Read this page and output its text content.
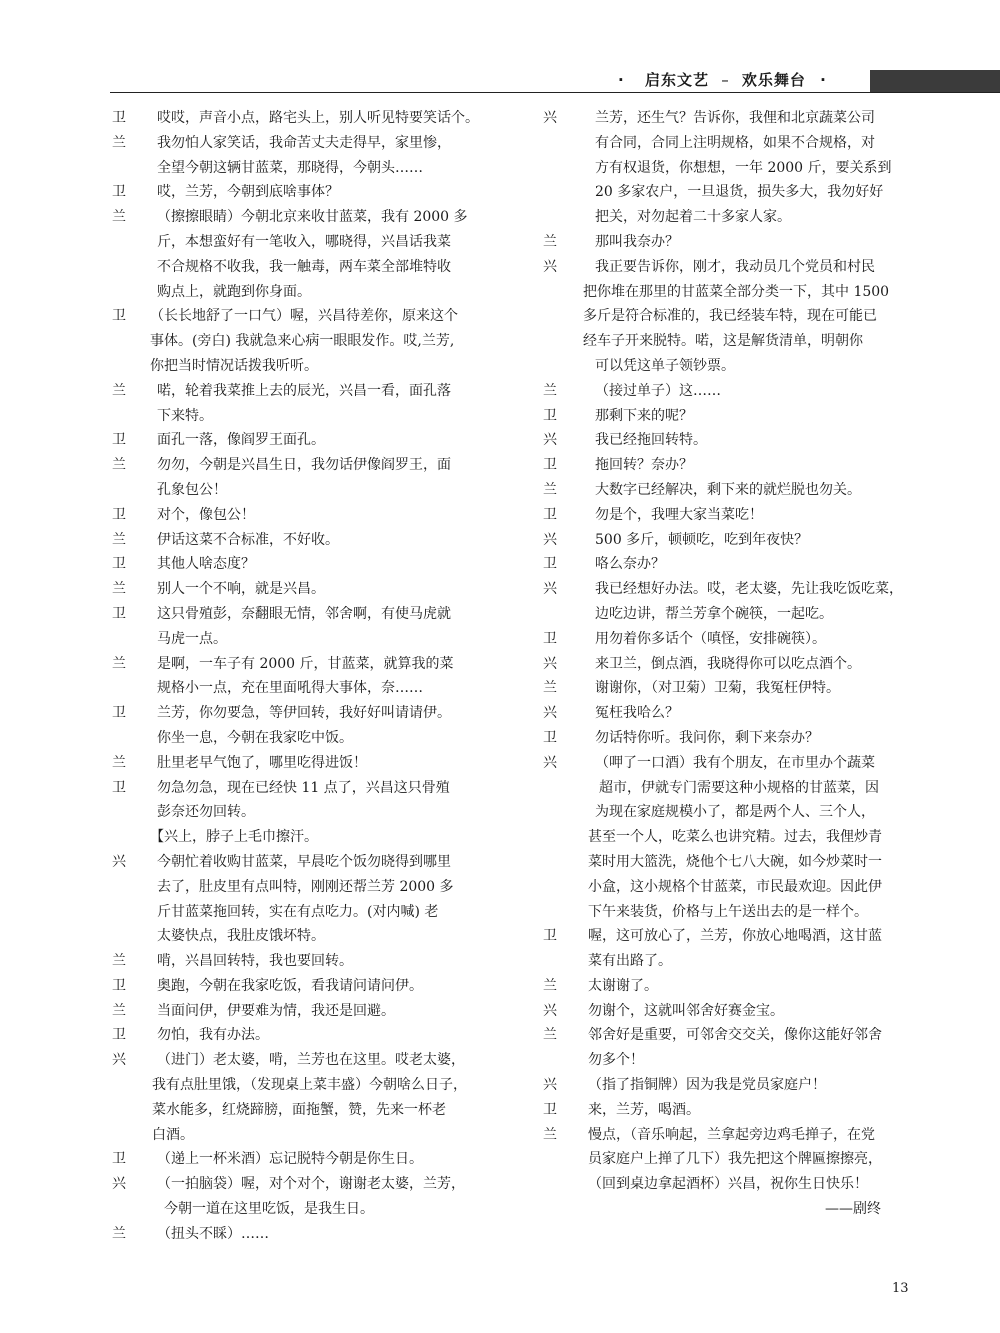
· 启东文艺 – 欢乐舞台 ·
卫 哎哎，声音小点，路宅头上，别人听见特要笑话个。
兰 我勿怕人家笑话，我命苦丈夫走得早，家里惨，
全望今朝这辆甘蓝菜，那晓得，今朝头……
卫 哎，兰芳，今朝到底啥事体？
兰 （擦擦眼睛）今朝北京来收甘蓝菜，我有 2000 多
斤，本想蛮好有一笔收入，哪晓得，兴昌话我菜
不合规格不收我，我一触毒，两车菜全部堆特收
购点上，就跑到你身面。
卫 （长长地舒了一口气）喔，兴昌待差你，原来这个
事体。(旁白) 我就急来心病一眼眼发作。哎,兰芳,
你把当时情况话拨我听听。
兰 喏，轮着我菜推上去的辰光，兴昌一看，面孔落
下来特。
卫 面孔一落，像阎罗王面孔。
兰 勿勿，今朝是兴昌生日，我勿话伊像阎罗王，面
孔象包公！
卫 对个，像包公！
兰 伊话这菜不合标准，不好收。
卫 其他人啥态度？
兰 别人一个不响，就是兴昌。
卫 这只骨殖彭，奈翻眼无情，邻舍啊，有使马虎就
马虎一点。
兰 是啊，一车子有 2000 斤，甘蓝菜，就算我的菜
规格小一点，充在里面吼得大事体，奈……
卫 兰芳，你勿要急，等伊回转，我好好叫请请伊。
你坐一息，今朝在我家吃中饭。
兰 肚里老早气饱了，哪里吃得进饭！
卫 勿急勿急，现在已经快 11 点了，兴昌这只骨殖
彭奈还勿回转。
【兴上，脖子上毛巾擦汗。
兴 今朝忙着收购甘蓝菜，早晨吃个饭勿晓得到哪里
去了，肚皮里有点叫特，刚刚还帮兰芳 2000 多
斤甘蓝菜拖回转，实在有点吃力。(对内喊) 老
太婆快点，我肚皮饿坏特。
兰 啃，兴昌回转特，我也要回转。
卫 奥跑，今朝在我家吃饭，看我请问请问伊。
兰 当面问伊，伊要难为情，我还是回避。
卫 勿怕，我有办法。
兴 （进门）老太婆，啃，兰芳也在这里。哎老太婆，
我有点肚里饿，（发现桌上菜丰盛）今朝啥么日子，
菜水能多，红烧蹄膀，面拖蟹，赞，先来一杯老
白酒。
卫 （递上一杯米酒）忘记脱特今朝是你生日。
兴 （一拍脑袋）喔，对个对个，谢谢老太婆，兰芳，
今朝一道在这里吃饭，是我生日。
兰 （扭头不睬）……
兴	兰芳，还生气？告诉你，我俚和北京蔬菜公司
有合同，合同上注明规格，如果不合规格，对
方有权退货，你想想，一年 2000 斤，要关系到
20 多家农户，一旦退货，损失多大，我勿好好
把关，对勿起着二十多家人家。
兰	那叫我奈办？
兴	我正要告诉你，刚才，我动员几个党员和村民
把你堆在那里的甘蓝菜全部分类一下，其中 1500
多斤是符合标准的，我已经装车特，现在可能已
经车子开来脱特。喏，这是解货清单，明朝你
可以凭这单子领钞票。
兰	（接过单子）这……
卫	那剩下来的呢？
兴	我已经拖回转特。
卫	拖回转？奈办？
兰	大数字已经解决，剩下来的就烂脱也勿关。
卫	勿是个，我哩大家当菜吃！
兴	500 多斤，顿顿吃，吃到年夜快？
卫	咯么奈办？
兴	我已经想好办法。哎，老太婆，先让我吃饭吃菜，
边吃边讲，帮兰芳拿个碗筷，一起吃。
卫	用勿着你多话个（嗔怪，安排碗筷）。
兴	来卫兰，倒点酒，我晓得你可以吃点酒个。
兰	谢谢你，（对卫菊）卫菊，我冤枉伊特。
兴	冤枉我哈么？
卫	勿话特你听。我问你，剩下来奈办？
兴	（呷了一口酒）我有个朋友，在市里办个蔬菜
超市，伊就专门需要这种小规格的甘蓝菜，因
为现在家庭规模小了，都是两个人、三个人，
甚至一个人，吃菜么也讲究精。过去，我俚炒青
菜时用大篮洗，烧他个七八大碗，如今炒菜时一
小盒，这小规格个甘蓝菜，市民最欢迎。因此伊
下午来装货，价格与上午送出去的是一样个。
卫 喔，这可放心了，兰芳，你放心地喝酒，这甘蓝
菜有出路了。
兰 太谢谢了。
兴 勿谢个，这就叫邻舍好赛金宝。
兰 邻舍好是重要，可邻舍交交关，像你这能好邻舍
勿多个！
兴 （指了指铜牌）因为我是党员家庭户！
卫 来，兰芳，喝酒。
兰 慢点，（音乐响起，兰拿起旁边鸡毛掸子，在党
员家庭户上掸了几下）我先把这个牌匾擦擦亮，
（回到桌边拿起酒杯）兴昌，祝你生日快乐！
——剧终
13
